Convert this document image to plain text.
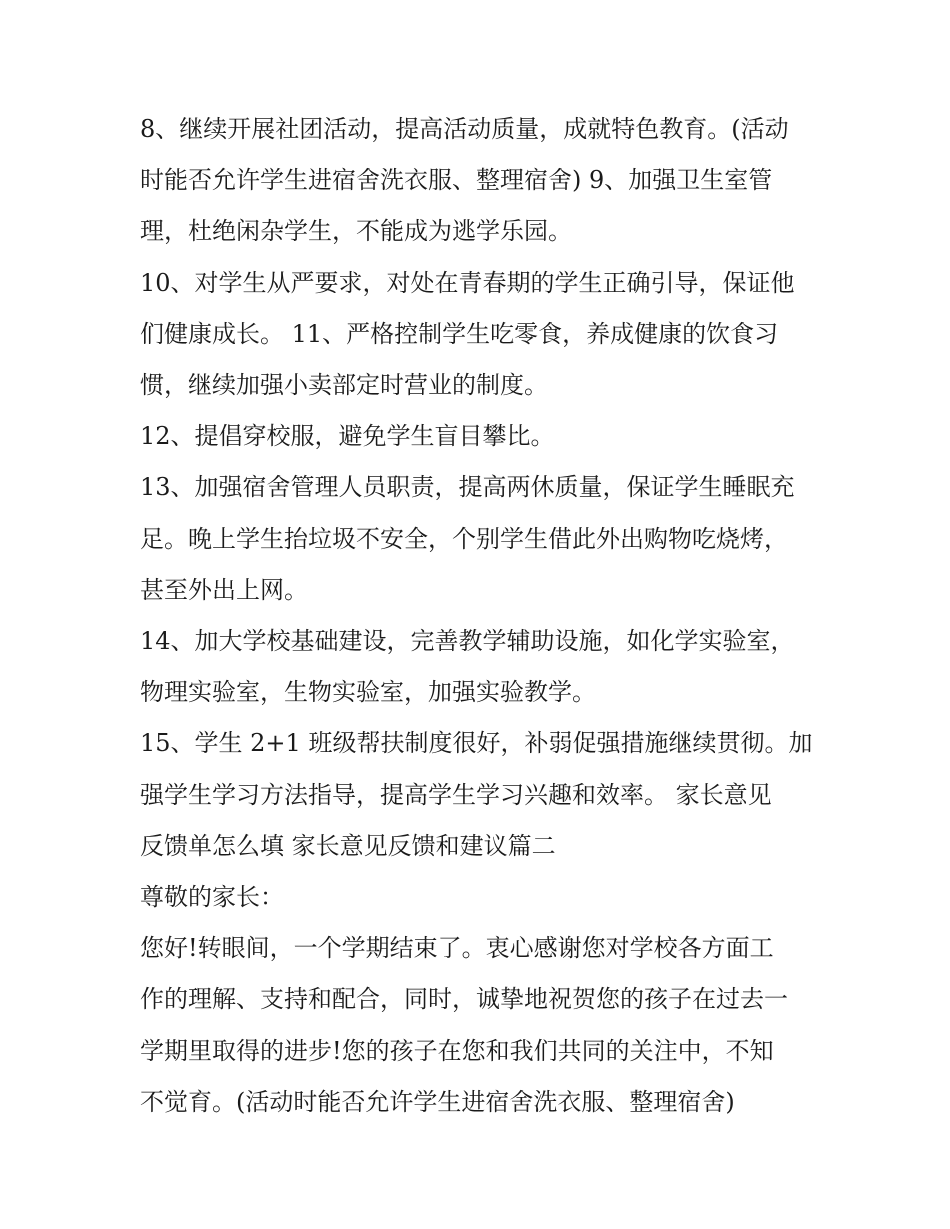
8、继续开展社团活动，提高活动质量，成就特色教育。(活动
时能否允许学生进宿舍洗衣服、整理宿舍) 9、加强卫生室管
理，杜绝闲杂学生，不能成为逃学乐园。

10、对学生从严要求，对处在青春期的学生正确引导，保证他
们健康成长。 11、严格控制学生吃零食，养成健康的饮食习
惯，继续加强小卖部定时营业的制度。

12、提倡穿校服，避免学生盲目攀比。

13、加强宿舍管理人员职责，提高两休质量，保证学生睡眠充
足。晚上学生抬垃圾不安全，个别学生借此外出购物吃烧烤，
甚至外出上网。

14、加大学校基础建设，完善教学辅助设施，如化学实验室，
物理实验室，生物实验室，加强实验教学。

15、学生 2+1 班级帮扶制度很好，补弱促强措施继续贯彻。加
强学生学习方法指导，提高学生学习兴趣和效率。 家长意见
反馈单怎么填 家长意见反馈和建议篇二

尊敬的家长：

您好!转眼间，一个学期结束了。衷心感谢您对学校各方面工
作的理解、支持和配合，同时，诚挚地祝贺您的孩子在过去一
学期里取得的进步!您的孩子在您和我们共同的关注中，不知
不觉育。(活动时能否允许学生进宿舍洗衣服、整理宿舍)
